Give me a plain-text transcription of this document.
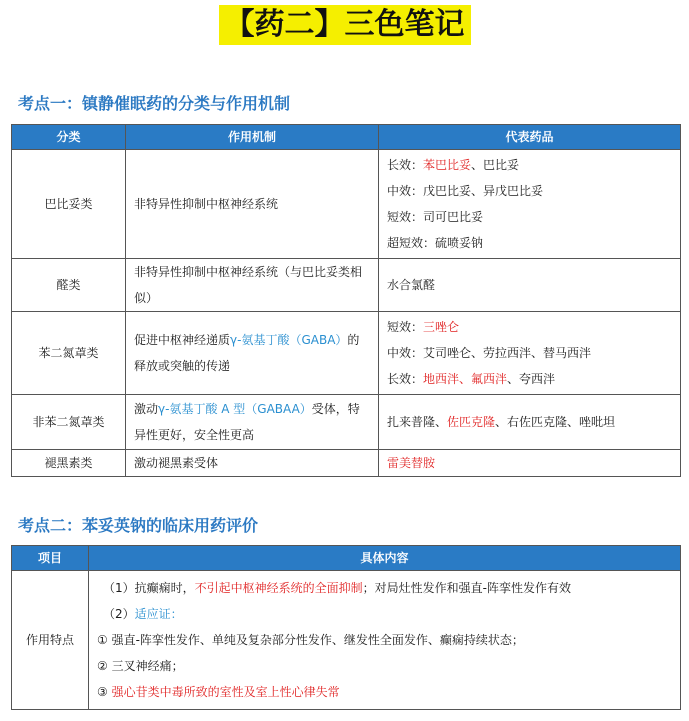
【药二】三色笔记
考点一：镇静催眠药的分类与作用机制
分类	作用机制	代表药品
巴比妥类	非特异性抑制中枢神经系统	长效：苯巴比妥、巴比妥
中效：戊巴比妥、异戊巴比妥
短效：司可巴比妥
超短效：硫喷妥钠

醛类	非特异性抑制中枢神经系统（与巴比妥类相似）	水合氯醛
苯二氮䓬类	促进中枢神经递质γ-氨基丁酸（GABA）的释放或突触的传递	短效：三唑仑
中效：艾司唑仑、劳拉西泮、替马西泮
长效：地西泮、氟西泮、夸西泮

非苯二氮䓬类	激动γ-氨基丁酸 A 型（GABAA）受体，特异性更好，安全性更高	扎来普隆、佐匹克隆、右佐匹克隆、唑吡坦
褪黑素类	激动褪黑素受体	雷美替胺
考点二：苯妥英钠的临床用药评价
项目	具体内容
作用特点	（1）抗癫痫时，不引起中枢神经系统的全面抑制；对局灶性发作和强直-阵挛性发作有效
（2）适应证：
① 强直-阵挛性发作、单纯及复杂部分性发作、继发性全面发作、癫痫持续状态；
② 三叉神经痛；
③ 强心苷类中毒所致的室性及室上性心律失常
